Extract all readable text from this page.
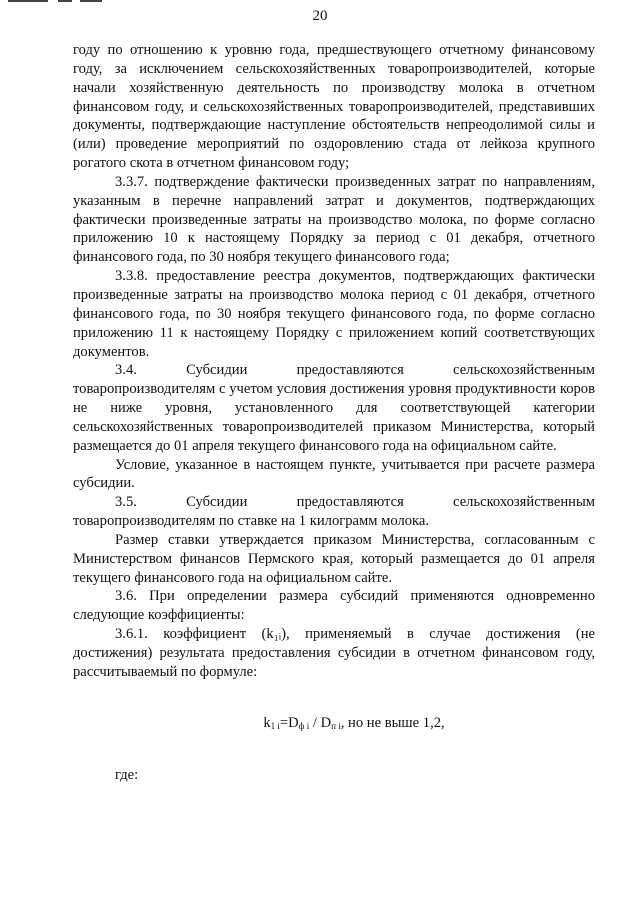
20

году по отношению к уровню года, предшествующего отчетному финансовому году, за исключением сельскохозяйственных товаропроизводителей, которые начали хозяйственную деятельность по производству молока в отчетном финансовом году, и сельскохозяйственных товаропроизводителей, представивших документы, подтверждающие наступление обстоятельств непреодолимой силы и (или) проведение мероприятий по оздоровлению стада от лейкоза крупного рогатого скота в отчетном финансовом году;

3.3.7. подтверждение фактически произведенных затрат по направлениям, указанным в перечне направлений затрат и документов, подтверждающих фактически произведенные затраты на производство молока, по форме согласно приложению 10 к настоящему Порядку за период с 01 декабря, отчетного финансового года, по 30 ноября текущего финансового года;

3.3.8. предоставление реестра документов, подтверждающих фактически произведенные затраты на производство молока период с 01 декабря, отчетного финансового года, по 30 ноября текущего финансового года, по форме согласно приложению 11 к настоящему Порядку с приложением копий соответствующих документов.

3.4. Субсидии предоставляются сельскохозяйственным товаропроизводителям с учетом условия достижения уровня продуктивности коров не ниже уровня, установленного для соответствующей категории сельскохозяйственных товаропроизводителей приказом Министерства, который размещается до 01 апреля текущего финансового года на официальном сайте.

Условие, указанное в настоящем пункте, учитывается при расчете размера субсидии.

3.5. Субсидии предоставляются сельскохозяйственным
товаропроизводителям по ставке на 1 килограмм молока.

Размер ставки утверждается приказом Министерства, согласованным с Министерством финансов Пермского края, который размещается до 01 апреля текущего финансового года на официальном сайте.

3.6. При определении размера субсидий применяются одновременно следующие коэффициенты:

3.6.1. коэффициент (k₁ᵢ), применяемый в случае достижения (не достижения) результата предоставления субсидии в отчетном финансовом году, рассчитываемый по формуле:

$k_{1 i}=D_{ф i} / D_{п i}$, но не выше 1,2,
где:
